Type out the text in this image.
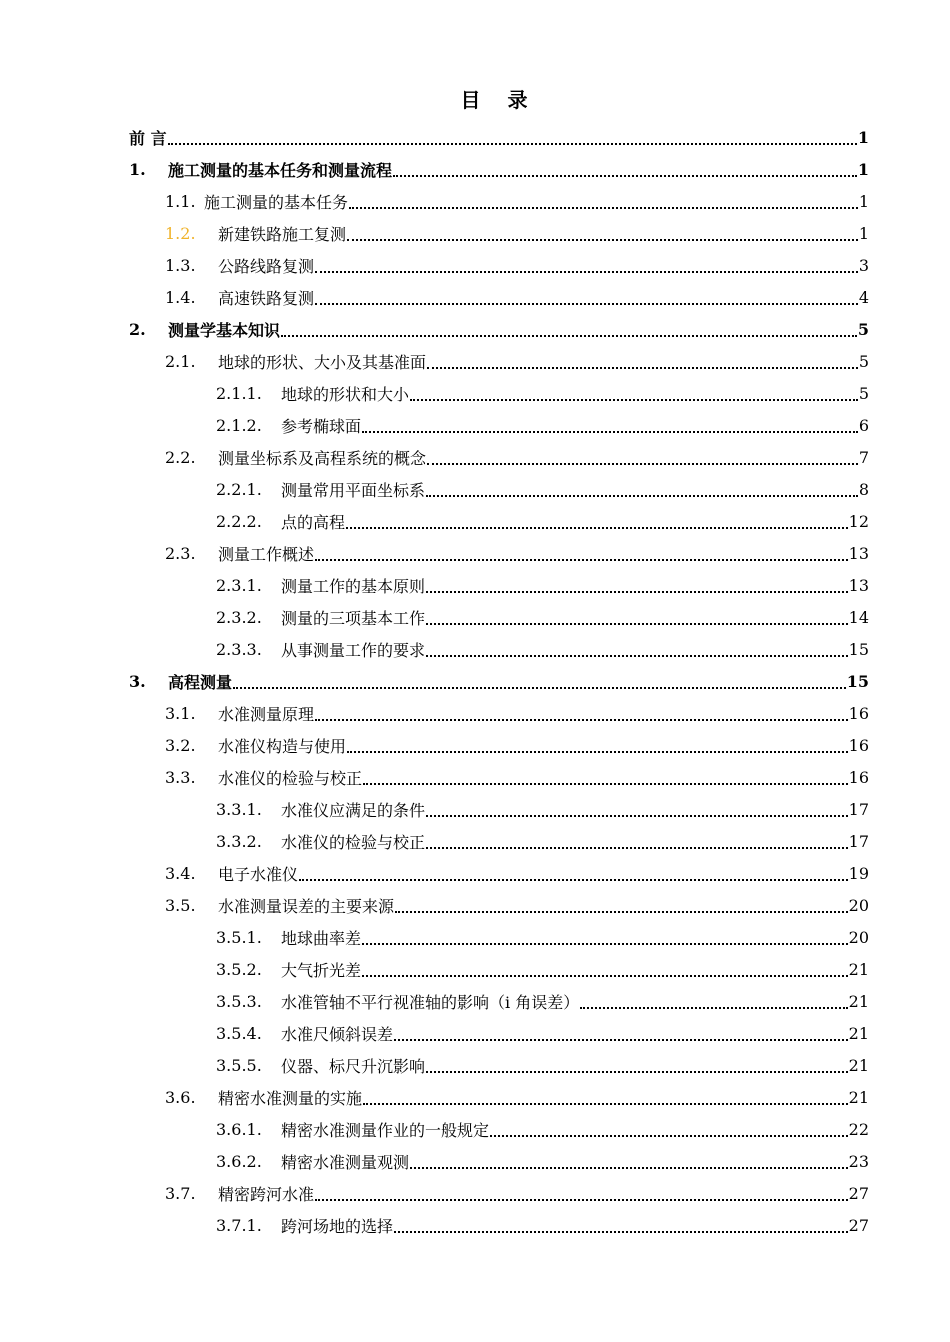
目 录
前 言	1
1.	施工测量的基本任务和测量流程	1
1.1. 施工测量的基本任务	1
1.2.	新建铁路施工复测	1
1.3.	公路线路复测	3
1.4.	高速铁路复测	4
2.	测量学基本知识	5
2.1.	地球的形状、大小及其基准面	5
2.1.1.	地球的形状和大小	5
2.1.2.	参考椭球面	6
2.2.	测量坐标系及高程系统的概念	7
2.2.1.	测量常用平面坐标系	8
2.2.2.	点的高程	12
2.3.	测量工作概述	13
2.3.1.	测量工作的基本原则	13
2.3.2.	测量的三项基本工作	14
2.3.3.	从事测量工作的要求	15
3.	高程测量	15
3.1.	水准测量原理	16
3.2.	水准仪构造与使用	16
3.3.	水准仪的检验与校正	16
3.3.1.	水准仪应满足的条件	17
3.3.2.	水准仪的检验与校正	17
3.4.	电子水准仪	19
3.5.	水准测量误差的主要来源	20
3.5.1.	地球曲率差	20
3.5.2.	大气折光差	21
3.5.3.	水准管轴不平行视准轴的影响（i 角误差）	21
3.5.4.	水准尺倾斜误差	21
3.5.5.	仪器、标尺升沉影响	21
3.6.	精密水准测量的实施	21
3.6.1.	精密水准测量作业的一般规定	22
3.6.2.	精密水准测量观测	23
3.7.	精密跨河水准	27
3.7.1.	跨河场地的选择	27
